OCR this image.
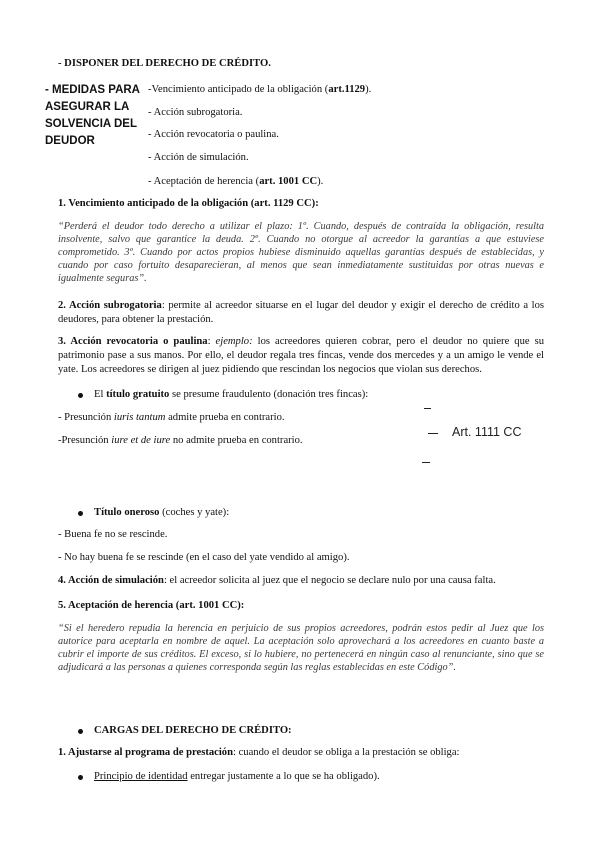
- DISPONER DEL DERECHO DE CRÉDITO.
- MEDIDAS PARA
ASEGURAR LA
SOLVENCIA DEL
DEUDOR
-Vencimiento anticipado de la obligación (art.1129).
- Acción subrogatoria.
- Acción revocatoria o paulina.
- Acción de simulación.
- Aceptación de herencia (art. 1001 CC).
1. Vencimiento anticipado de la obligación (art. 1129 CC):
“Perderá el deudor todo derecho a utilizar el plazo: 1º. Cuando, después de contraída la obligación, resulta insolvente, salvo que garantice la deuda. 2º. Cuando no otorgue al acreedor la garantías a que estuviese comprometido. 3º. Cuando por actos propios hubiese disminuido aquellas garantías después de establecidas, y cuando por caso fortuito desaparecieran, al menos que sean inmediatamente sustituidas por otras nuevas e igualmente seguras”.
2. Acción subrogatoria: permite al acreedor situarse en el lugar del deudor y exigir el derecho de crédito a los deudores, para obtener la prestación.
3. Acción revocatoria o paulina: ejemplo: los acreedores quieren cobrar, pero el deudor no quiere que su patrimonio pase a sus manos. Por ello, el deudor regala tres fincas, vende dos mercedes y a un amigo le vende el yate. Los acreedores se dirigen al juez pidiendo que rescindan los negocios que violan sus derechos.
El título gratuito se presume fraudulento (donación tres fincas):
- Presunción iuris tantum admite prueba en contrario.
-Presunción iure et de iure no admite prueba en contrario.
Art. 1111 CC
Título oneroso (coches y yate):
- Buena fe no se rescinde.
- No hay buena fe se rescinde (en el caso del yate vendido al amigo).
4. Acción de simulación: el acreedor solicita al juez que el negocio se declare nulo por una causa falta.
5. Aceptación de herencia (art. 1001 CC):
“Si el heredero repudia la herencia en perjuicio de sus propios acreedores, podrán estos pedir al Juez que los autorice para aceptarla en nombre de aquel. La aceptación solo aprovechará a los acreedores en cuanto baste a cubrir el importe de sus créditos. El exceso, si lo hubiere, no pertenecerá en ningún caso al renunciante, sino que se adjudicará a las personas a quienes corresponda según las reglas establecidas en este Código”.
CARGAS DEL DERECHO DE CRÉDITO:
1. Ajustarse al programa de prestación: cuando el deudor se obliga a la prestación se obliga:
Principio de identidad entregar justamente a lo que se ha obligado).
